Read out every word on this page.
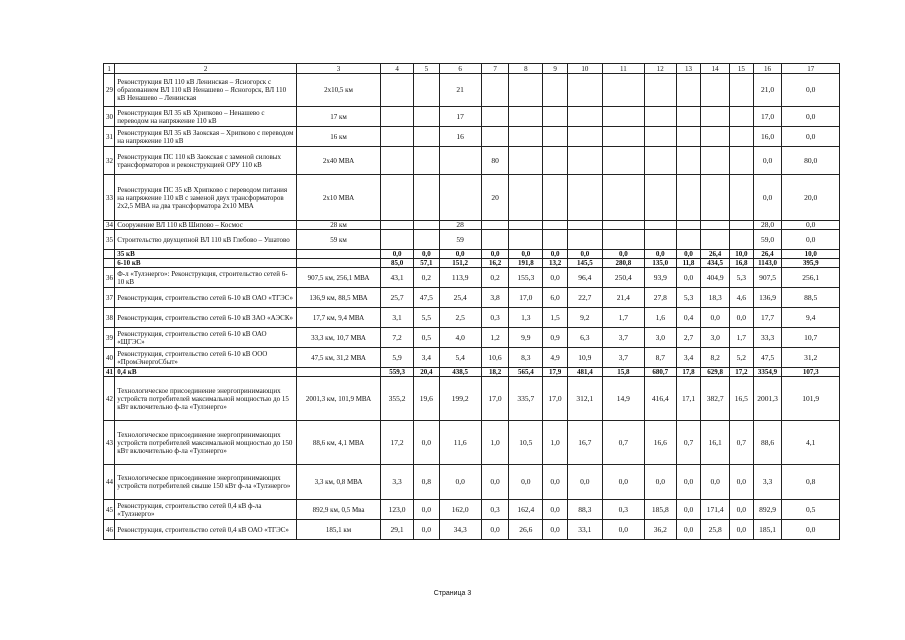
1	2	3	4	5	6	7	8	9	10	11	12	13	14	15	16	17
29	Реконструкция ВЛ 110 кВ Ленинская – Ясногорск с образованием ВЛ 110 кВ Ненашево – Ясногорск, ВЛ 110 кВ Ненашево – Ленинская	2х10,5 км			21										21,0	0,0
30	Реконструкция ВЛ 35 кВ Хрипково – Ненашево с переводом на напряжение 110 кВ	17 км			17										17,0	0,0
31	Реконструкция ВЛ 35 кВ Заокская – Хрипково с переводом на напряжение 110 кВ	16 км			16										16,0	0,0
32	Реконструкция ПС 110 кВ Заокская с заменой силовых трансформаторов и реконструкцией ОРУ 110 кВ	2х40 МВА				80									0,0	80,0
33	Реконструкция ПС 35 кВ Хрипково с переводом питания на напряжение 110 кВ с заменой двух трансформаторов 2х2,5 МВА на два трансформатора 2х10 МВА	2х10 МВА				20									0,0	20,0
34	Сооружение ВЛ 110 кВ Шипово – Космос	28 км			28										28,0	0,0
35	Строительство двухцепной ВЛ 110 кВ Глебово – Ушатово	59 км			59										59,0	0,0
	35 кВ		0,0	0,0	0,0	0,0	0,0	0,0	0,0	0,0	0,0	0,0	26,4	10,0	26,4	10,0
	6-10 кВ		85,0	57,1	151,2	16,2	191,8	13,2	145,5	280,8	135,0	11,8	434,5	16,8	1143,0	395,9
36	Ф-л «Тулэнерго»: Реконструкция, строительство сетей 6-10 кВ	907,5 км, 256,1 МВА	43,1	0,2	113,9	0,2	155,3	0,0	96,4	250,4	93,9	0,0	404,9	5,3	907,5	256,1
37	Реконструкция, строительство сетей 6-10 кВ ОАО «ТГЭС»	136,9 км, 88,5 МВА	25,7	47,5	25,4	3,8	17,0	6,0	22,7	21,4	27,8	5,3	18,3	4,6	136,9	88,5
38	Реконструкция, строительство сетей 6-10 кВ ЗАО «АЭСК»	17,7 км, 9,4 МВА	3,1	5,5	2,5	0,3	1,3	1,5	9,2	1,7	1,6	0,4	0,0	0,0	17,7	9,4
39	Реконструкция, строительство сетей 6-10 кВ ОАО «ЩГЭС»	33,3 км, 10,7 МВА	7,2	0,5	4,0	1,2	9,9	0,9	6,3	3,7	3,0	2,7	3,0	1,7	33,3	10,7
40	Реконструкция, строительство сетей 6-10 кВ ООО «ПромЭнергоСбыт»	47,5 км, 31,2 МВА	5,9	3,4	5,4	10,6	8,3	4,9	10,9	3,7	8,7	3,4	8,2	5,2	47,5	31,2
41	0,4 кВ		559,3	20,4	438,5	18,2	565,4	17,9	481,4	15,8	680,7	17,8	629,8	17,2	3354,9	107,3
42	Технологическое присоединение энергопринимающих устройств потребителей максимальной мощностью до 15 кВт включительно ф-ла «Тулэнерго»	2001,3 км, 101,9 МВА	355,2	19,6	199,2	17,0	335,7	17,0	312,1	14,9	416,4	17,1	382,7	16,5	2001,3	101,9
43	Технологическое присоединение энергопринимающих устройств потребителей максимальной мощностью до 150 кВт включительно ф-ла «Тулэнерго»	88,6 км, 4,1 МВА	17,2	0,0	11,6	1,0	10,5	1,0	16,7	0,7	16,6	0,7	16,1	0,7	88,6	4,1
44	Технологическое присоединение энергопринимающих устройств потребителей свыше 150 кВт ф-ла «Тулэнерго»	3,3 км, 0,8 МВА	3,3	0,8	0,0	0,0	0,0	0,0	0,0	0,0	0,0	0,0	0,0	0,0	3,3	0,8
45	Реконструкция, строительство сетей 0,4 кВ ф-ла «Тулэнерго»	892,9 км, 0,5 Мва	123,0	0,0	162,0	0,3	162,4	0,0	88,3	0,3	185,8	0,0	171,4	0,0	892,9	0,5
46	Реконструкция, строительство сетей 0,4 кВ ОАО «ТГЭС»	185,1 км	29,1	0,0	34,3	0,0	26,6	0,0	33,1	0,0	36,2	0,0	25,8	0,0	185,1	0,0
Страница 3
